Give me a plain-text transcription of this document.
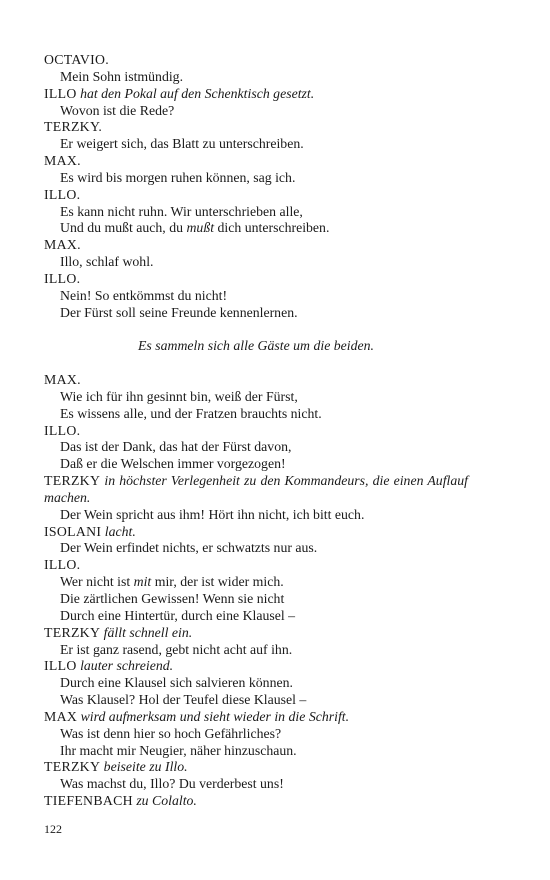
OCTAVIO.
Mein Sohn istmündig.
ILLO hat den Pokal auf den Schenktisch gesetzt.
Wovon ist die Rede?
TERZKY.
Er weigert sich, das Blatt zu unterschreiben.
MAX.
Es wird bis morgen ruhen können, sag ich.
ILLO.
Es kann nicht ruhn. Wir unterschrieben alle,
Und du mußt auch, du mußt dich unterschreiben.
MAX.
Illo, schlaf wohl.
ILLO.
Nein! So entkömmst du nicht!
Der Fürst soll seine Freunde kennenlernen.
Es sammeln sich alle Gäste um die beiden.
MAX.
Wie ich für ihn gesinnt bin, weiß der Fürst,
Es wissens alle, und der Fratzen brauchts nicht.
ILLO.
Das ist der Dank, das hat der Fürst davon,
Daß er die Welschen immer vorgezogen!
TERZKY in höchster Verlegenheit zu den Kommandeurs, die einen Auflauf machen.
Der Wein spricht aus ihm! Hört ihn nicht, ich bitt euch.
ISOLANI lacht.
Der Wein erfindet nichts, er schwatzts nur aus.
ILLO.
Wer nicht ist mit mir, der ist wider mich.
Die zärtlichen Gewissen! Wenn sie nicht
Durch eine Hintertür, durch eine Klausel –
TERZKY fällt schnell ein.
Er ist ganz rasend, gebt nicht acht auf ihn.
ILLO lauter schreiend.
Durch eine Klausel sich salvieren können.
Was Klausel? Hol der Teufel diese Klausel –
MAX wird aufmerksam und sieht wieder in die Schrift.
Was ist denn hier so hoch Gefährliches?
Ihr macht mir Neugier, näher hinzuschaun.
TERZKY beiseite zu Illo.
Was machst du, Illo? Du verderbest uns!
TIEFENBACH zu Colalto.
122
